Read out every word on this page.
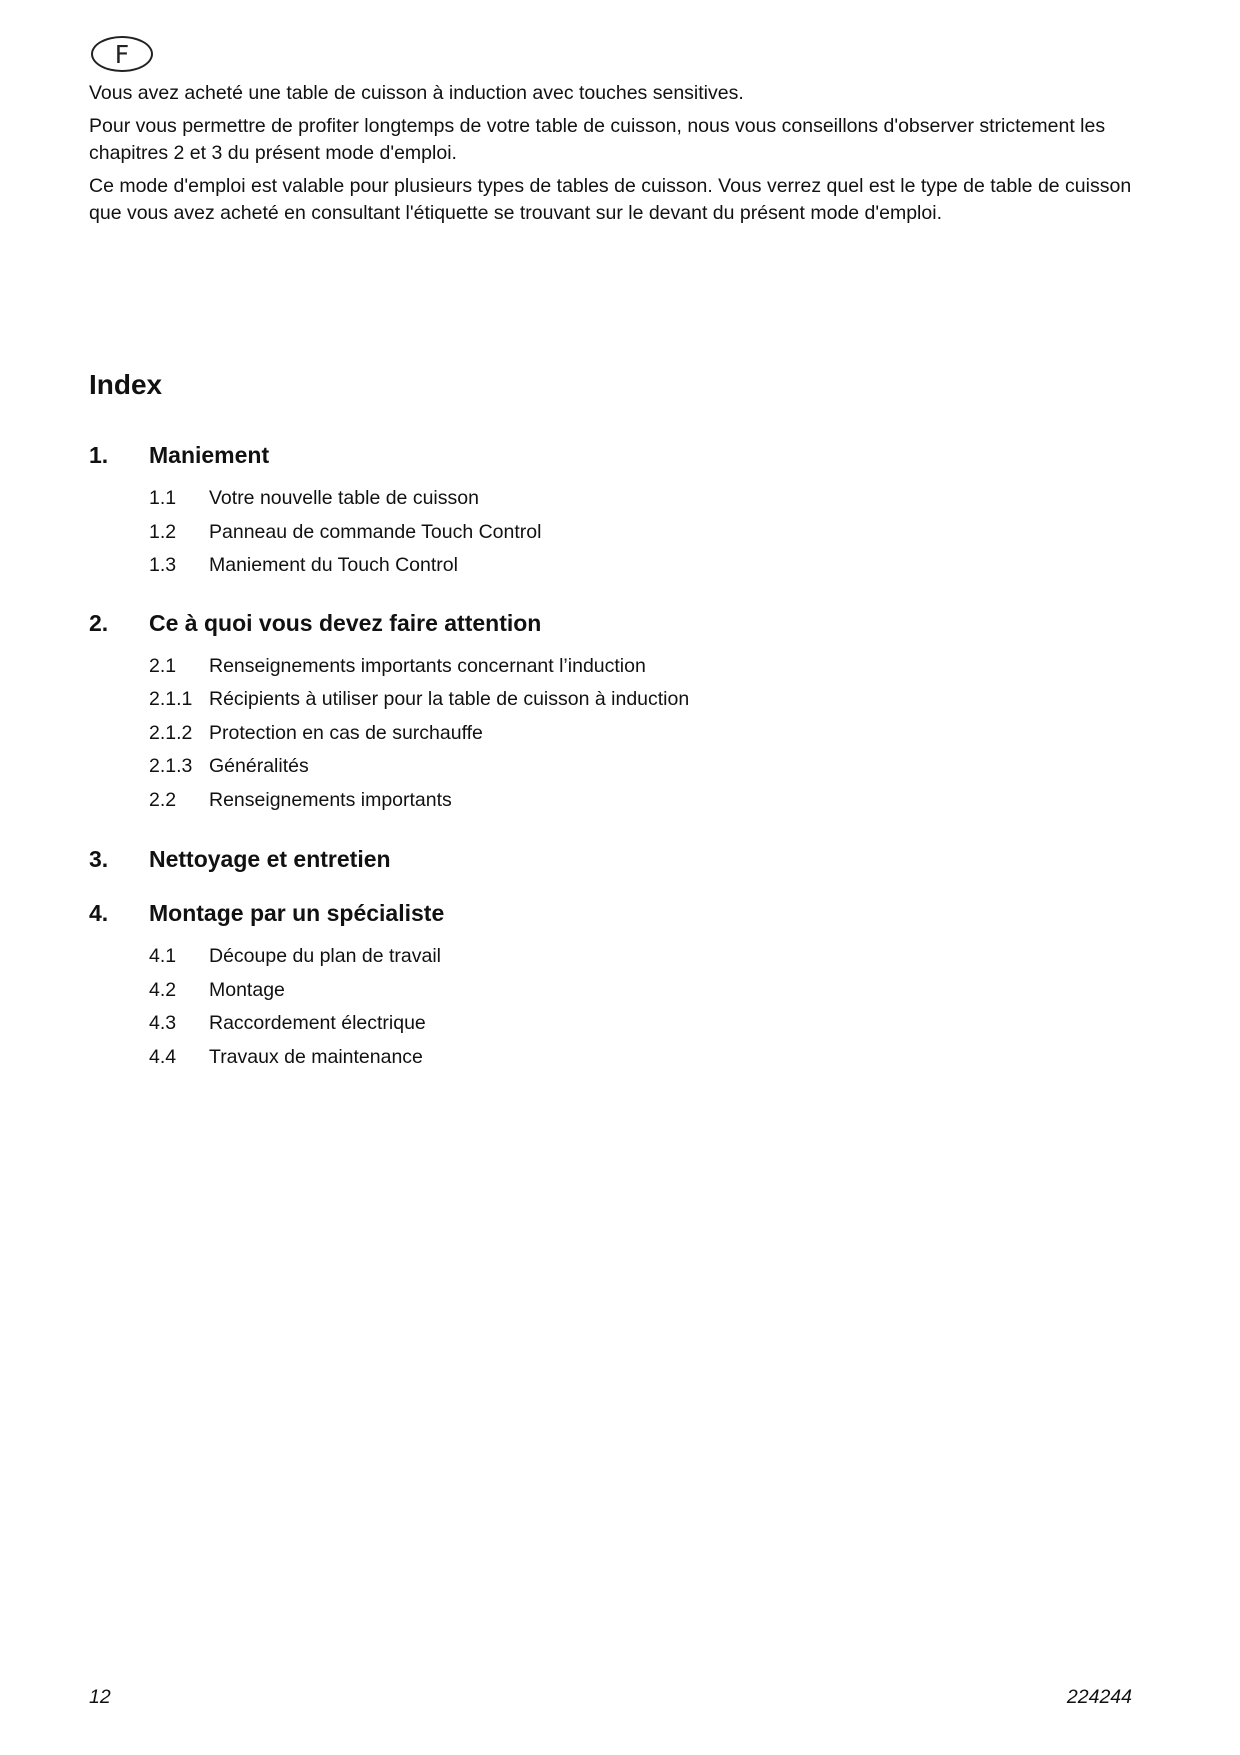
F

Vous avez acheté une table de cuisson à induction avec touches sensitives.

Pour vous permettre de profiter longtemps de votre table de cuisson, nous vous conseillons d'observer strictement les chapitres 2 et 3 du présent mode d'emploi.

Ce mode d'emploi est valable pour plusieurs types de tables de cuisson. Vous verrez quel est le type de table de cuisson que vous avez acheté en consultant l'étiquette se trouvant sur le devant du présent mode d'emploi.

Index
1.	Maniement
1.1	Votre nouvelle table de cuisson
1.2	Panneau de commande Touch Control
1.3	Maniement du Touch Control
2.	Ce à quoi vous devez faire attention
2.1	Renseignements importants concernant l’induction
2.1.1 Récipients à utiliser pour la table de cuisson à induction
2.1.2 Protection en cas de surchauffe
2.1.3 Généralités
2.2	Renseignements importants
3.	Nettoyage et entretien
4.	Montage par un spécialiste
4.1	Découpe du plan de travail
4.2	Montage
4.3	Raccordement électrique
4.4	Travaux de maintenance
12	224244
